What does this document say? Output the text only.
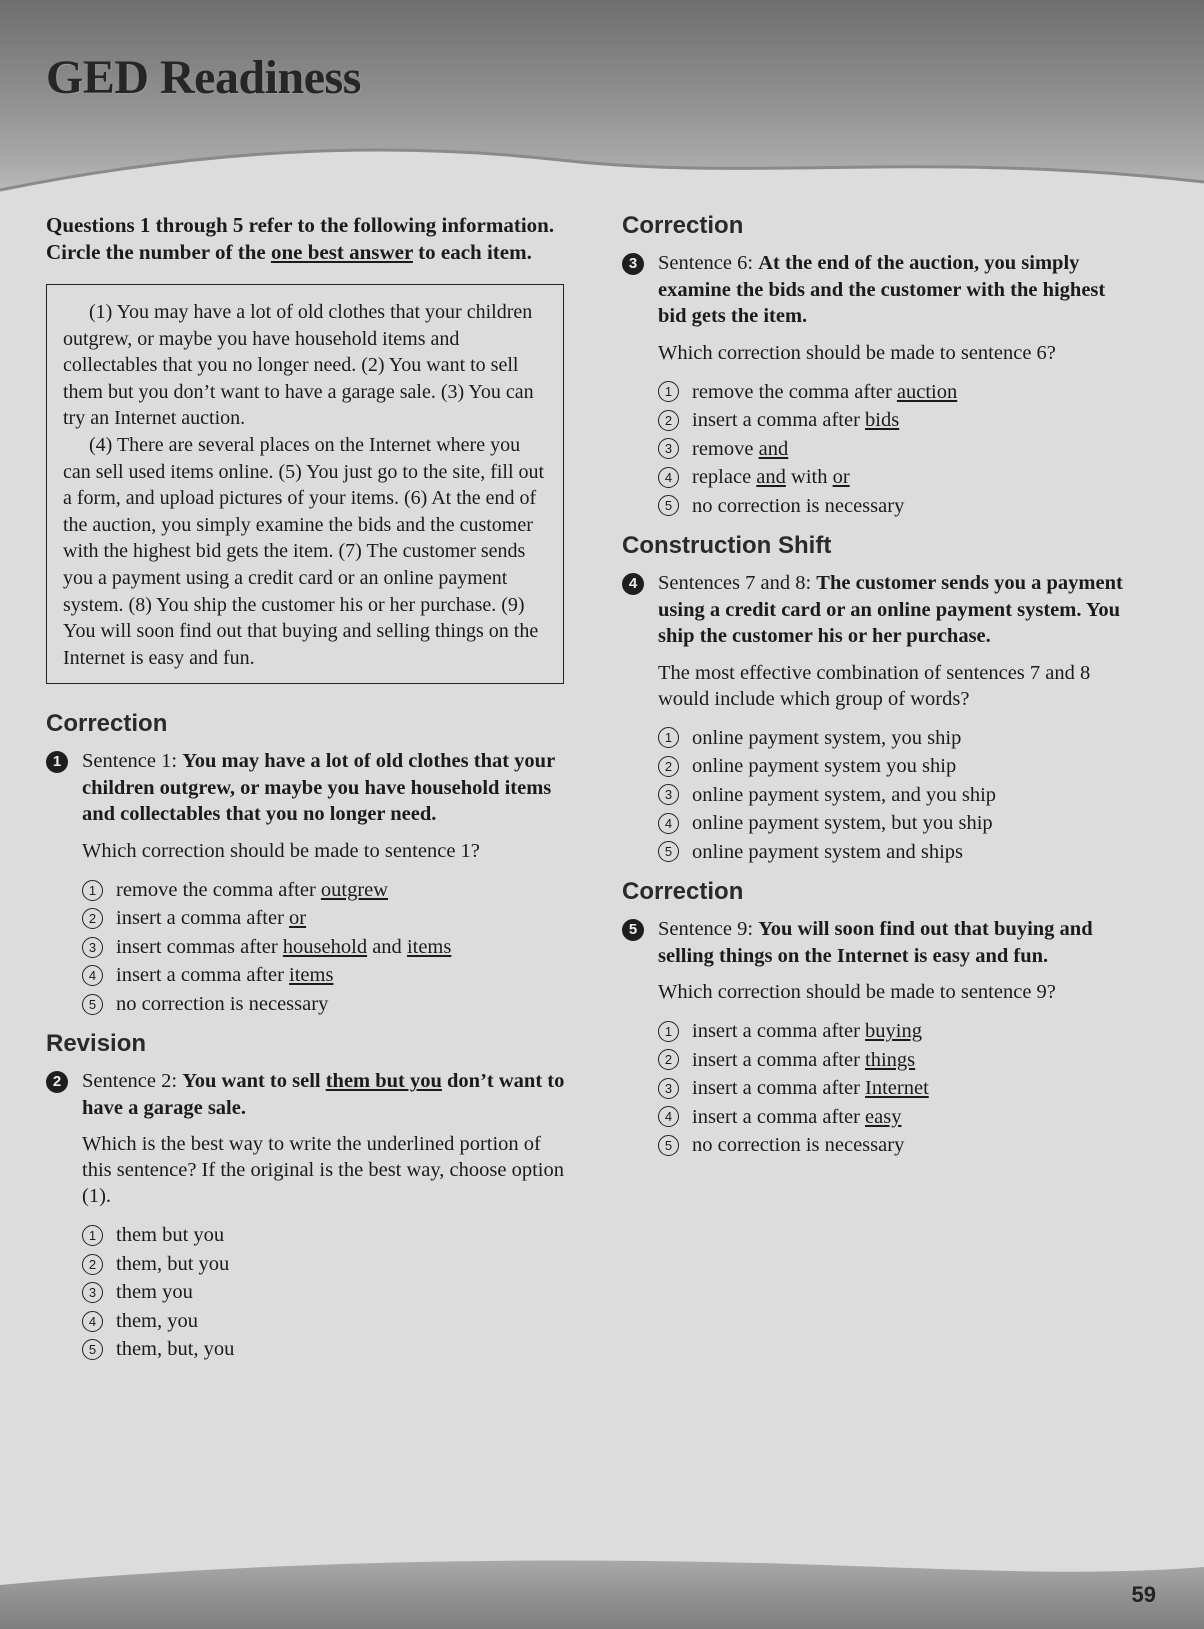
GED Readiness
59

Questions 1 through 5 refer to the following information. Circle the number of the one best answer to each item.

(1) You may have a lot of old clothes that your children outgrew, or maybe you have household items and collectables that you no longer need. (2) You want to sell them but you don’t want to have a garage sale. (3) You can try an Internet auction.

(4) There are several places on the Internet where you can sell used items online. (5) You just go to the site, fill out a form, and upload pictures of your items. (6) At the end of the auction, you simply examine the bids and the customer with the highest bid gets the item. (7) The customer sends you a payment using a credit card or an online payment system. (8) You ship the customer his or her purchase. (9) You will soon find out that buying and selling things on the Internet is easy and fun.

Correction
1	Sentence 1: You may have a lot of old clothes that your children outgrew, or maybe you have household items and collectables that you no longer need.

Which correction should be made to sentence 1?

1 remove the comma after outgrew
2 insert a comma after or
3 insert commas after household and items
4 insert a comma after items
5 no correction is necessary
Revision
2	Sentence 2: You want to sell them but you don’t want to have a garage sale.

Which is the best way to write the underlined portion of this sentence? If the original is the best way, choose option (1).

1 them but you
2 them, but you
3 them you
4 them, you
5 them, but, you
Correction
3	Sentence 6: At the end of the auction, you simply examine the bids and the customer with the highest bid gets the item.

Which correction should be made to sentence 6?

1 remove the comma after auction
2 insert a comma after bids
3 remove and
4 replace and with or
5 no correction is necessary
Construction Shift
4	Sentences 7 and 8: The customer sends you a payment using a credit card or an online payment system. You ship the customer his or her purchase.

The most effective combination of sentences 7 and 8 would include which group of words?

1 online payment system, you ship
2 online payment system you ship
3 online payment system, and you ship
4 online payment system, but you ship
5 online payment system and ships
Correction
5	Sentence 9: You will soon find out that buying and selling things on the Internet is easy and fun.

Which correction should be made to sentence 9?

1 insert a comma after buying
2 insert a comma after things
3 insert a comma after Internet
4 insert a comma after easy
5 no correction is necessary
